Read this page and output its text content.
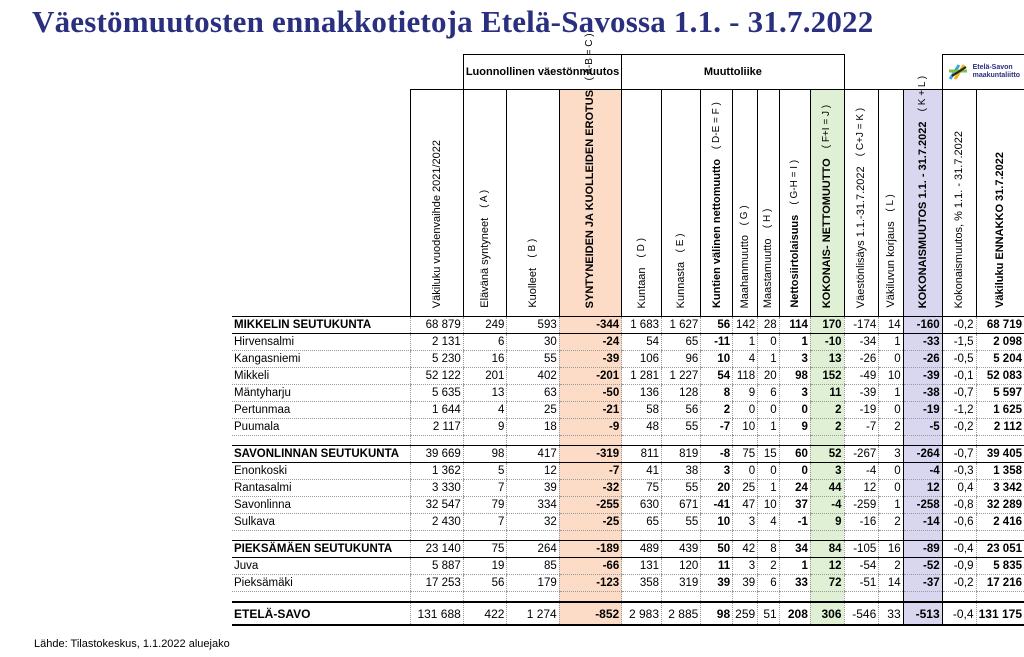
Väestömuutosten ennakkotietoja Etelä-Savossa 1.1. - 31.7.2022
		Luonnollinen väestönmuutos			Muuttoliike										Etelä-Savon
maakuntaliitto	

	Väkiluku vuodenvaihde 2021/2022	Elävänä syntyneet( A )	Kuolleet( B )	SYNTYNEIDEN JA KUOLLEIDEN EROTUS( A-B = C )	Kuntaan( D )	Kunnasta( E )	Kuntien välinen nettomuutto( D-E = F )	Maahanmuutto( G )	Maastamuutto( H )	Nettosiirtolaisuus( G-H = I )	KOKONAIS- NETTOMUUTTO( F+I = J )	Väestönlisäys 1.1.-31.7.2022( C+J = K )	Väkiluvun korjaus( L )	KOKONAISMUUTOS 1.1. - 31.7.2022( K + L )	Kokonaismuutos, % 1.1. - 31.7.2022	Väkiluku ENNAKKO 31.7.2022

MIKKELIN SEUTUKUNTA	68 879	249	593	-344	1 683	1 627	56	142	28	114	170	-174	14	-160	-0,2	68 719
Hirvensalmi	2 131	6	30	-24	54	65	-11	1	0	1	-10	-34	1	-33	-1,5	2 098
Kangasniemi	5 230	16	55	-39	106	96	10	4	1	3	13	-26	0	-26	-0,5	5 204
Mikkeli	52 122	201	402	-201	1 281	1 227	54	118	20	98	152	-49	10	-39	-0,1	52 083
Mäntyharju	5 635	13	63	-50	136	128	8	9	6	3	11	-39	1	-38	-0,7	5 597
Pertunmaa	1 644	4	25	-21	58	56	2	0	0	0	2	-19	0	-19	-1,2	1 625
Puumala	2 117	9	18	-9	48	55	-7	10	1	9	2	-7	2	-5	-0,2	2 112

SAVONLINNAN SEUTUKUNTA	39 669	98	417	-319	811	819	-8	75	15	60	52	-267	3	-264	-0,7	39 405
Enonkoski	1 362	5	12	-7	41	38	3	0	0	0	3	-4	0	-4	-0,3	1 358
Rantasalmi	3 330	7	39	-32	75	55	20	25	1	24	44	12	0	12	0,4	3 342
Savonlinna	32 547	79	334	-255	630	671	-41	47	10	37	-4	-259	1	-258	-0,8	32 289
Sulkava	2 430	7	32	-25	65	55	10	3	4	-1	9	-16	2	-14	-0,6	2 416

PIEKSÄMÄEN SEUTUKUNTA	23 140	75	264	-189	489	439	50	42	8	34	84	-105	16	-89	-0,4	23 051
Juva	5 887	19	85	-66	131	120	11	3	2	1	12	-54	2	-52	-0,9	5 835
Pieksämäki	17 253	56	179	-123	358	319	39	39	6	33	72	-51	14	-37	-0,2	17 216

ETELÄ-SAVO	131 688	422	1 274	-852	2 983	2 885	98	259	51	208	306	-546	33	-513	-0,4	131 175
Lähde: Tilastokeskus, 1.1.2022 aluejako
